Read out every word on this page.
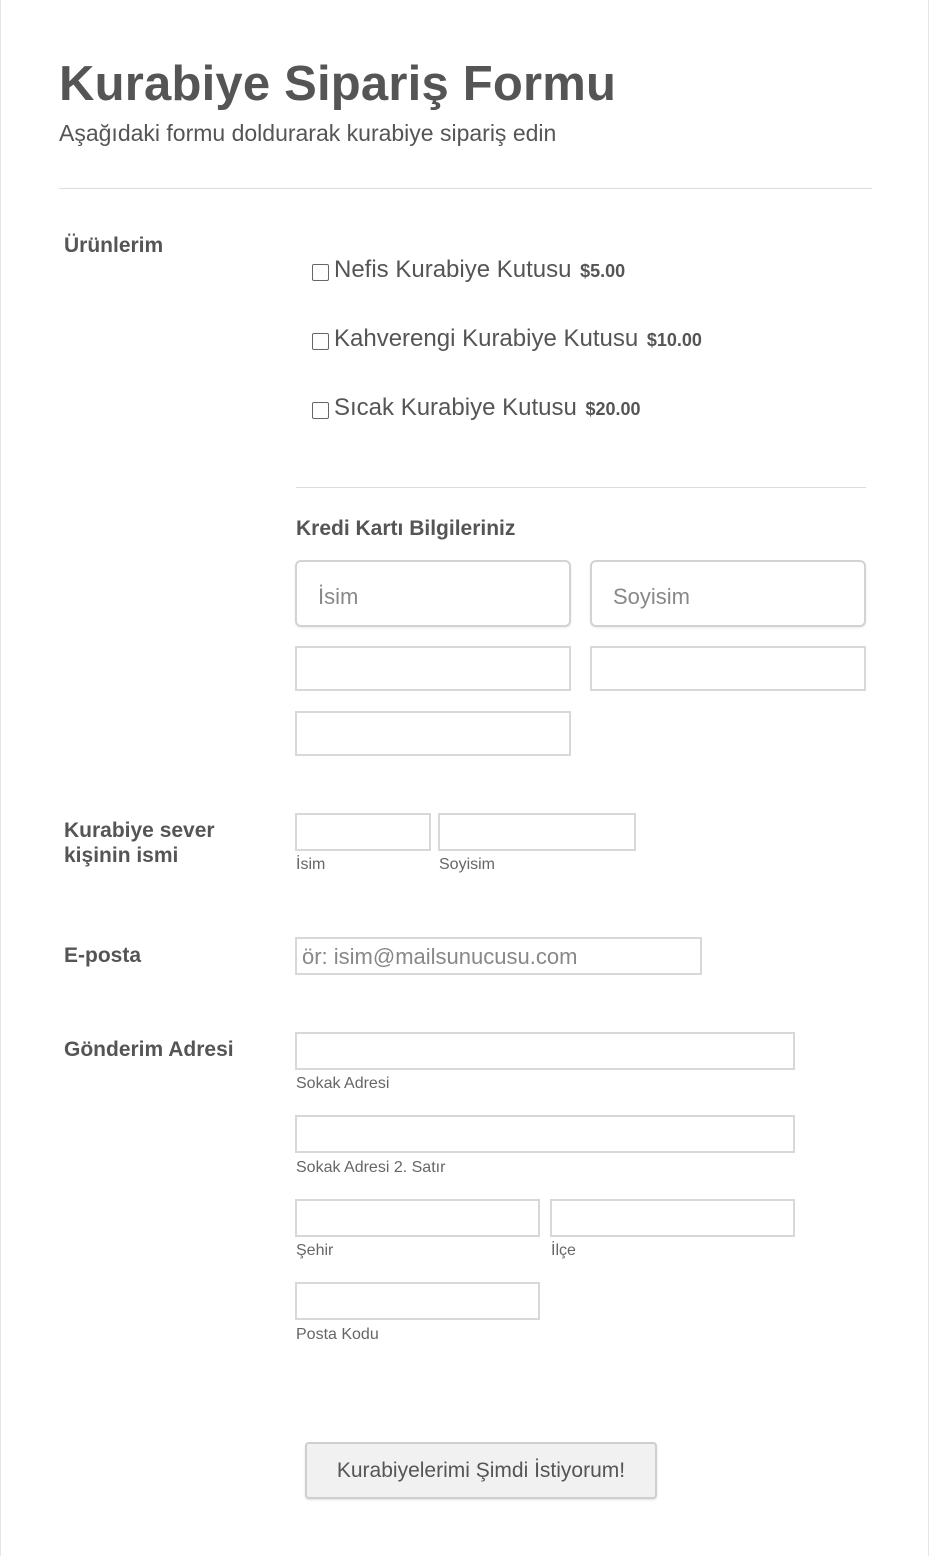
Kurabiye Sipariş Formu
Aşağıdaki formu doldurarak kurabiye sipariş edin
Ürünlerim
Nefis Kurabiye Kutusu $5.00
Kahverengi Kurabiye Kutusu $10.00
Sıcak Kurabiye Kutusu $20.00
Kredi Kartı Bilgileriniz
İsim	Soyisim
Kurabiye sever
kişinin ismi	İsim	Soyisim
E-posta	ör: isim@mailsunucusu.com
Gönderim Adresi
Sokak Adresi
Sokak Adresi 2. Satır
Şehir	İlçe
Posta Kodu
Kurabiyelerimi Şimdi İstiyorum!
